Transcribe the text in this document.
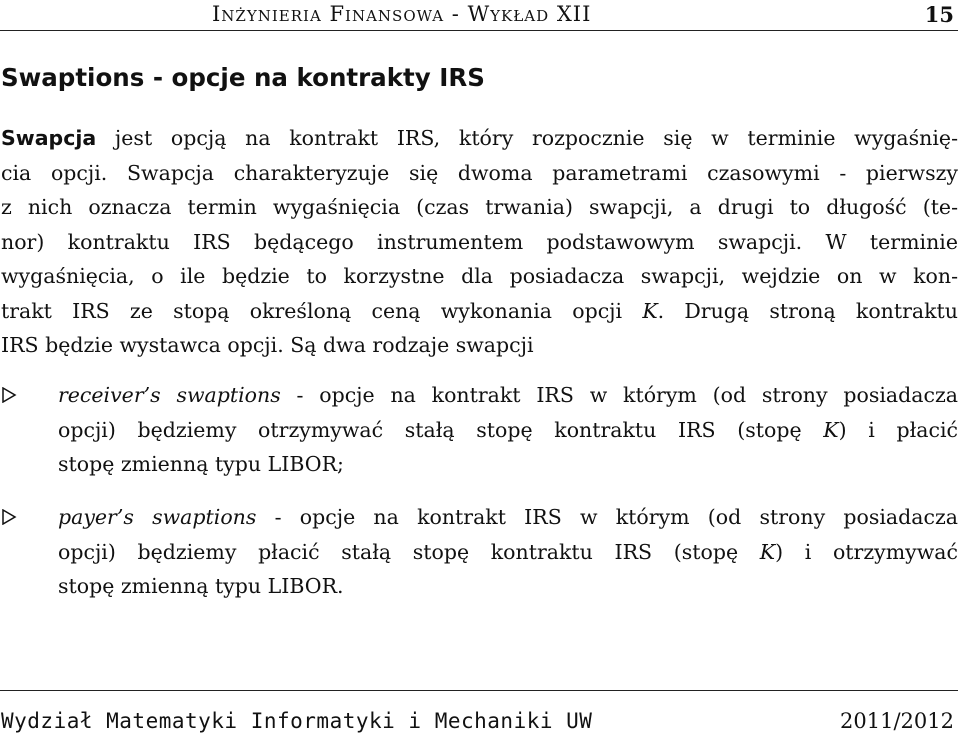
Inżynieria Finansowa - Wykład XII	15
Swaptions - opcje na kontrakty IRS
Swapcja jest opcją na kontrakt IRS, który rozpocznie się w terminie wygaśnię-
cia opcji. Swapcja charakteryzuje się dwoma parametrami czasowymi - pierwszy
z nich oznacza termin wygaśnięcia (czas trwania) swapcji, a drugi to długość (te-
nor) kontraktu IRS będącego instrumentem podstawowym swapcji. W terminie
wygaśnięcia, o ile będzie to korzystne dla posiadacza swapcji, wejdzie on w kon-
trakt IRS ze stopą określoną ceną wykonania opcji K. Drugą stroną kontraktu
IRS będzie wystawca opcji. Są dwa rodzaje swapcji
receiver’s swaptions - opcje na kontrakt IRS w którym (od strony posiadacza
opcji) będziemy otrzymywać stałą stopę kontraktu IRS (stopę K) i płacić
stopę zmienną typu LIBOR;
payer’s swaptions - opcje na kontrakt IRS w którym (od strony posiadacza
opcji) będziemy płacić stałą stopę kontraktu IRS (stopę K) i otrzymywać
stopę zmienną typu LIBOR.
Wydział Matematyki Informatyki i Mechaniki UW	2011/2012
